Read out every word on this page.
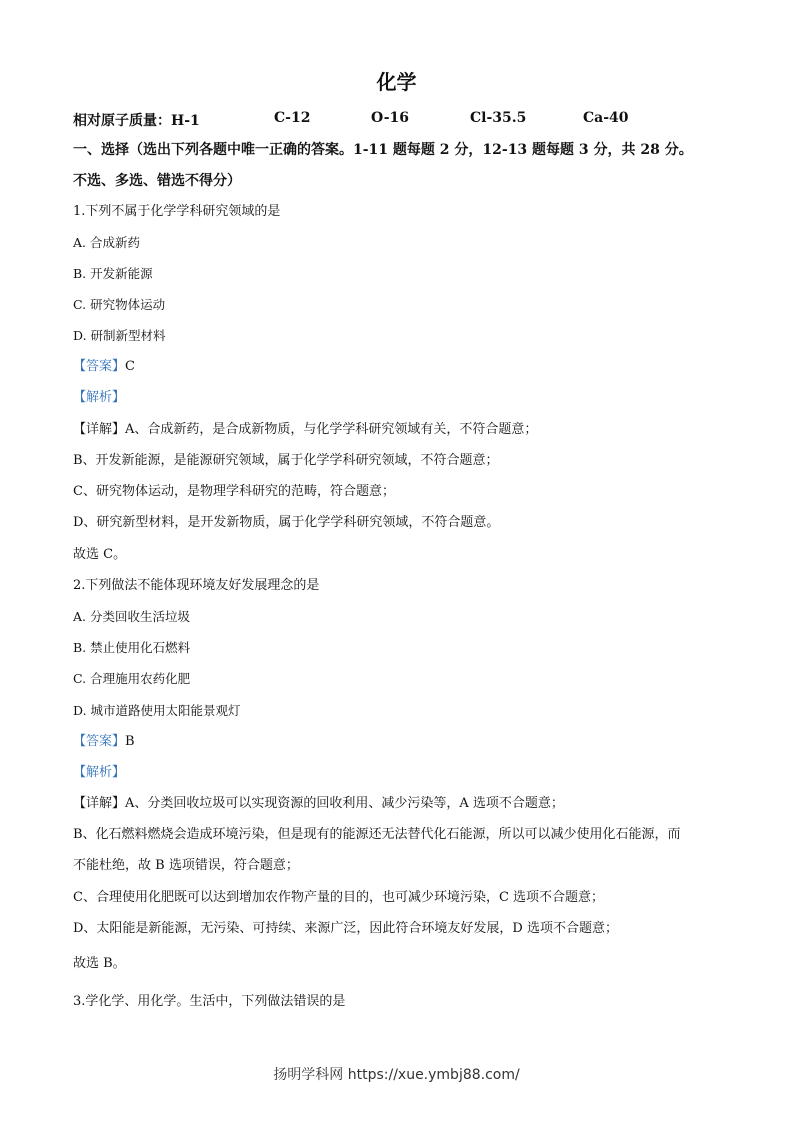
化学
相对原子质量：H-1	C-12	O-16	Cl-35.5	Ca-40
一、选择（选出下列各题中唯一正确的答案。1-11 题每题 2 分，12-13 题每题 3 分，共 28 分。
不选、多选、错选不得分）
1.下列不属于化学学科研究领域的是
A. 合成新药
B. 开发新能源
C. 研究物体运动
D. 研制新型材料
【答案】C
【解析】
【详解】A、合成新药，是合成新物质，与化学学科研究领域有关，不符合题意；
B、开发新能源，是能源研究领域，属于化学学科研究领域，不符合题意；
C、研究物体运动，是物理学科研究的范畴，符合题意；
D、研究新型材料，是开发新物质，属于化学学科研究领域，不符合题意。
故选 C。
2.下列做法不能体现环境友好发展理念的是
A. 分类回收生活垃圾
B. 禁止使用化石燃料
C. 合理施用农药化肥
D. 城市道路使用太阳能景观灯
【答案】B
【解析】
【详解】A、分类回收垃圾可以实现资源的回收利用、减少污染等，A 选项不合题意；
B、化石燃料燃烧会造成环境污染，但是现有的能源还无法替代化石能源，所以可以减少使用化石能源，而
不能杜绝，故 B 选项错误，符合题意；
C、合理使用化肥既可以达到增加农作物产量的目的，也可减少环境污染，C 选项不合题意；
D、太阳能是新能源，无污染、可持续、来源广泛，因此符合环境友好发展，D 选项不合题意；
故选 B。
3.学化学、用化学。生活中，下列做法错误的是
扬明学科网 https://xue.ymbj88.com/
